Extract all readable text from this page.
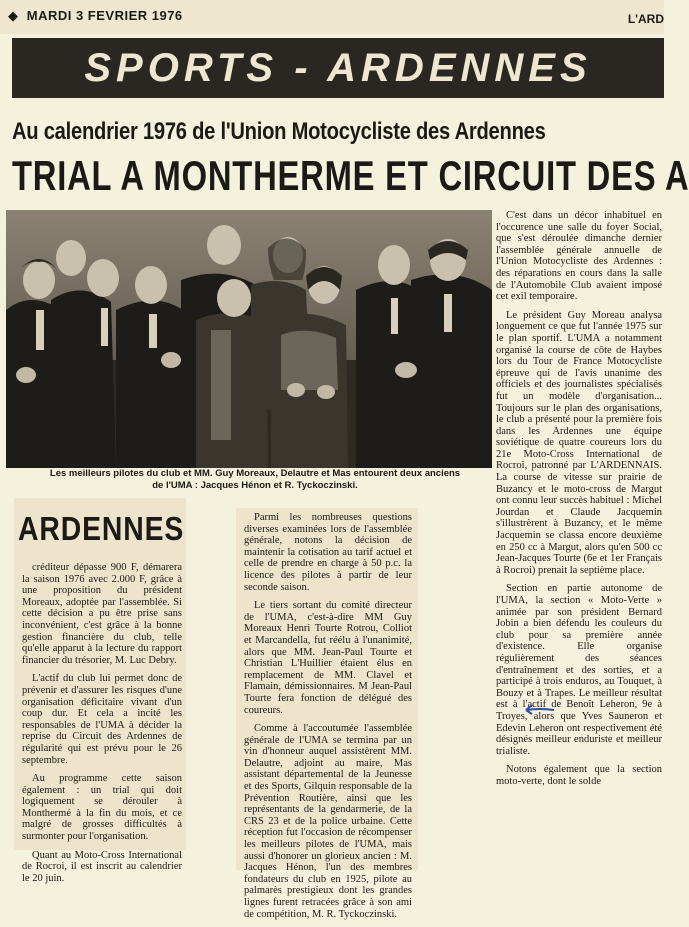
◆ MARDI 3 FEVRIER 1976	L'ARD
SPORTS - ARDENNES
Au calendrier 1976 de l'Union Motocycliste des Ardennes
TRIAL A MONTHERME ET CIRCUIT DES A
Les meilleurs pilotes du club et MM. Guy Moreaux, Delautre et Mas entourent deux anciens
de l'UMA : Jacques Hénon et R. Tyckoczinski.

C'est dans un décor inhabituel en l'occurence une salle du foyer Social, que s'est déroulée dimanche dernier l'assemblée générale annuelle de l'Union Motocycliste des Ardennes : des réparations en cours dans la salle de l'Automobile Club avaient imposé cet exil temporaire.

Le président Guy Moreau analysa longuement ce que fut l'année 1975 sur le plan sportif. L'UMA a notamment organisé la course de côte de Haybes lors du Tour de France Motocycliste épreuve qui de l'avis unanime des officiels et des journalistes spécialisés fut un modèle d'organisation... Toujours sur le plan des organisations, le club a présenté pour la première fois dans les Ardennes une équipe soviétique de quatre coureurs lors du 21e Moto-Cross International de Rocroi, patronné par L'ARDENNAIS. La course de vitesse sur prairie de Buzancy et le moto-cross de Margut ont connu leur succès habituel : Michel Jourdan et Claude Jacquemin s'illustrèrent à Buzancy, et le même Jacquemin se classa encore deuxième en 250 cc à Margut, alors qu'en 500 cc Jean-Jacques Tourte (6e et 1er Français à Rocroi) prenait la septième place.

Section en partie autonome de l'UMA, la section « Moto-Verte » animée par son président Bernard Jobin a bien défendu les couleurs du club pour sa première année d'existence. Elle organise régulièrement des séances d'entraînement et des sorties, et a participé à trois enduros, au Touquet, à Bouzy et à Trapes. Le meilleur résultat est à l'actif de Benoît Leheron, 9e à Troyes, alors que Yves Sauneron et Edevin Leheron ont respectivement été désignés meilleur enduriste et meilleur trialiste.

Notons également que la section moto-verte, dont le solde

ARDENNES

créditeur dépasse 900 F, démarera la saison 1976 avec 2.000 F, grâce à une proposition du président Moreaux, adoptée par l'assemblée. Si cette décision a pu être prise sans inconvénient, c'est grâce à la bonne gestion financière du club, telle qu'elle apparut à la lecture du rapport financier du trésorier, M. Luc Debry.

L'actif du club lui permet donc de prévenir et d'assurer les risques d'une organisation déficitaire vivant d'un coup dur. Et cela a incité les responsables de l'UMA à décider la reprise du Circuit des Ardennes de régularité qui est prévu pour le 26 septembre.

Au programme cette saison également : un trial qui doit logiquement se dérouler à Monthermé à la fin du mois, et ce malgré de grosses difficultés à surmonter pour l'organisation.

Quant au Moto-Cross International de Rocroi, il est inscrit au calendrier le 20 juin.

Parmi les nombreuses questions diverses examinées lors de l'assemblée générale, notons la décision de maintenir la cotisation au tarif actuel et celle de prendre en charge à 50 p.c. la licence des pilotes à partir de leur seconde saison.

Le tiers sortant du comité directeur de l'UMA, c'est-à-dire MM Guy Moreaux Henri Tourte Rotrou, Colliot et Marcandella, fut réélu à l'unanimité, alors que MM. Jean-Paul Tourte et Christian L'Huillier étaient élus en remplacement de MM. Clavel et Flamain, démissionnaires. M Jean-Paul Tourte fera fonction de délégué des coureurs.

Comme à l'accoutumée l'assemblée générale de l'UMA se termina par un vin d'honneur auquel assistèrent MM. Delautre, adjoint au maire, Mas assistant départemental de la Jeunesse et des Sports, Gilquin responsable de la Prévention Routière, ainsi que les représentants de la gendarmerie, de la CRS 23 et de la police urbaine. Cette réception fut l'occasion de récompenser les meilleurs pilotes de l'UMA, mais aussi d'honorer un glorieux ancien : M. Jacques Hénon, l'un des membres fondateurs du club en 1925, pilote au palmarès prestigieux dont les grandes lignes furent retracées grâce à son ami de compétition, M. R. Tyckoczinski.
